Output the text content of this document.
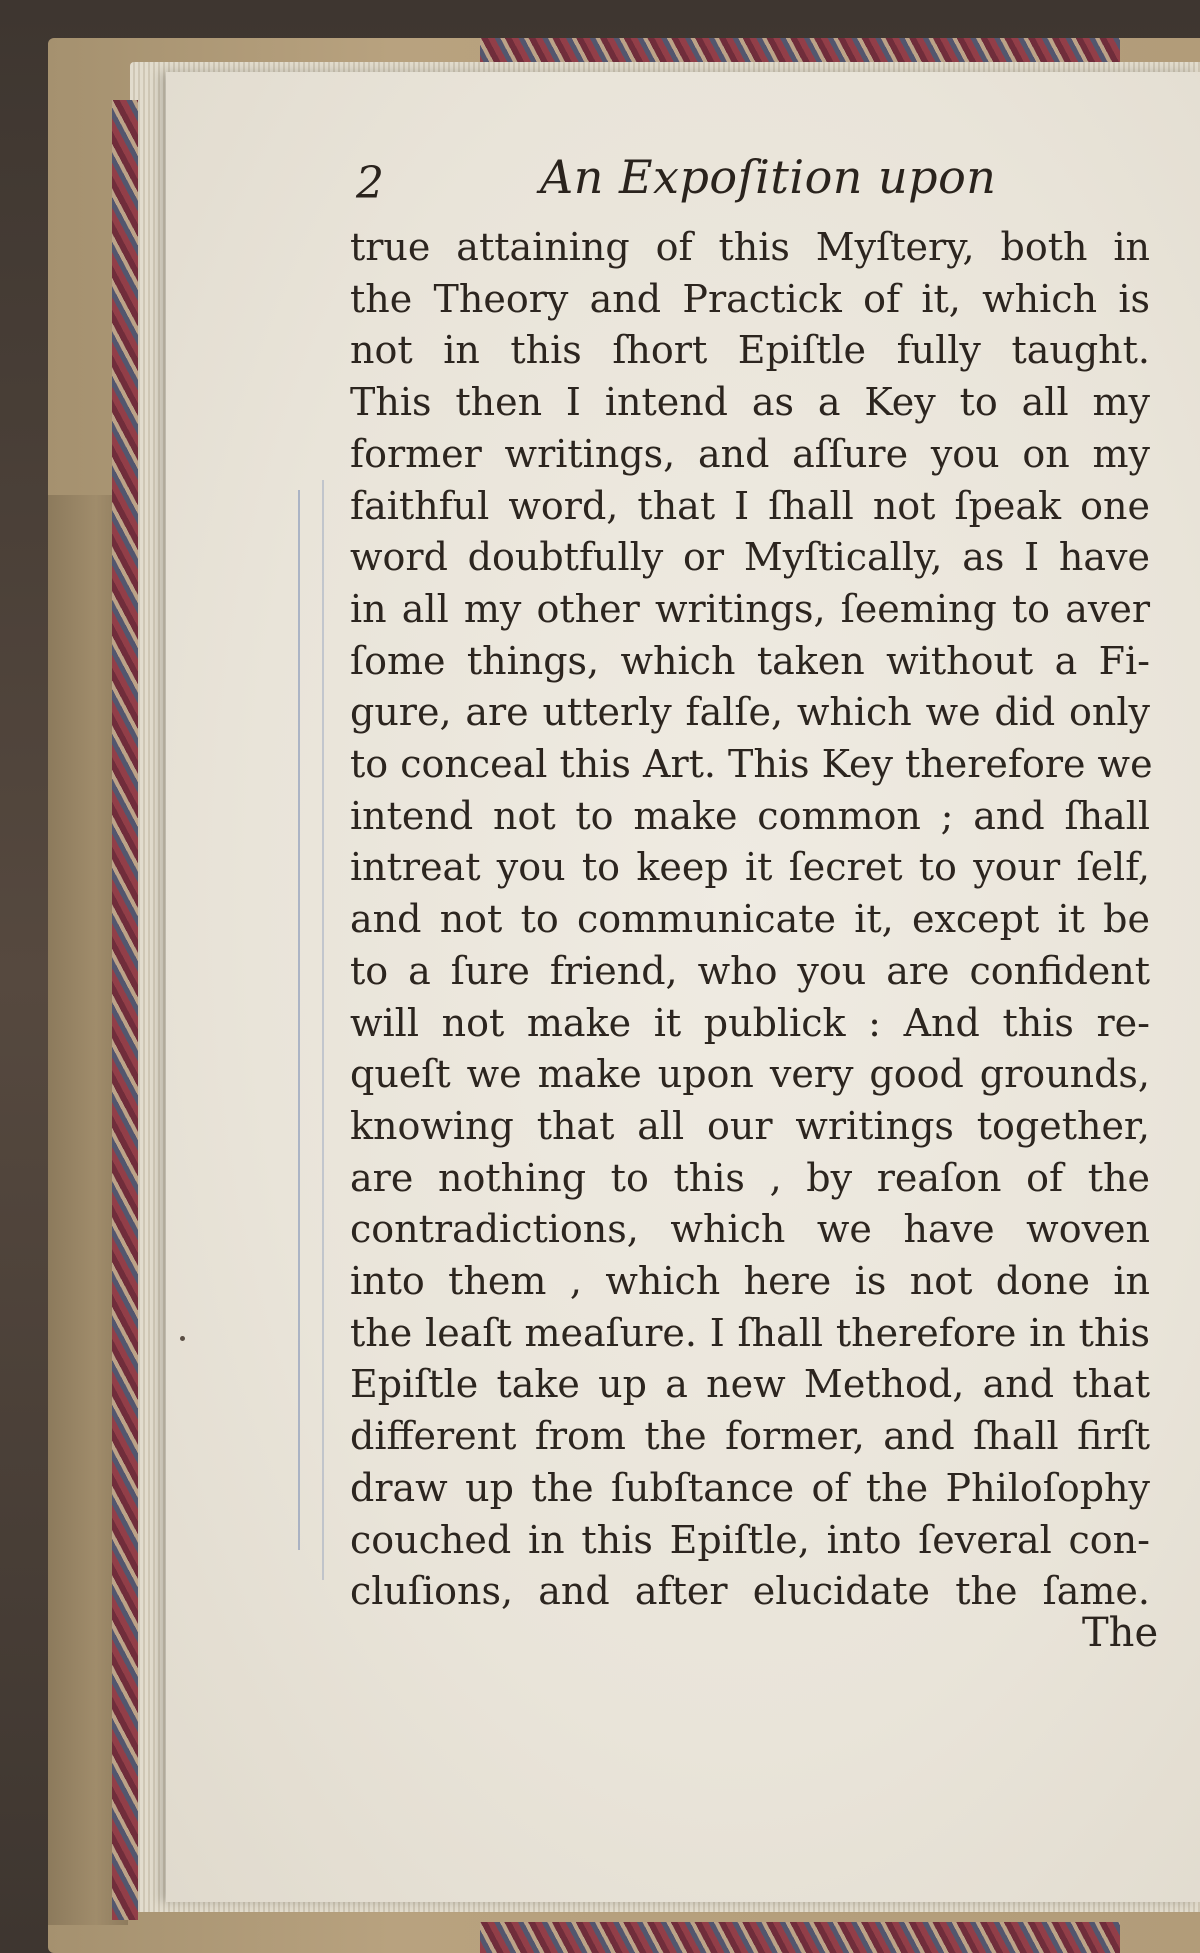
2	An Expoſition upon
true attaining of this Myſtery, both in
the Theory and Practick of it, which is
not in this ſhort Epiſtle fully taught.
This then I intend as a Key to all my
former writings, and aſſure you on my
faithful word, that I ſhall not ſpeak one
word doubtfully or Myſtically, as I have
in all my other writings, ſeeming to aver
ſome things, which taken without a Fi-
gure, are utterly falſe, which we did only
to conceal this Art. This Key therefore we
intend not to make common ; and ſhall
intreat you to keep it ſecret to your ſelf,
and not to communicate it, except it be
to a ſure friend, who you are confident
will not make it publick : And this re-
queſt we make upon very good grounds,
knowing that all our writings together,
are nothing to this , by reaſon of the
contradictions, which we have woven
into them , which here is not done in
the leaſt meaſure. I ſhall therefore in this
Epiſtle take up a new Method, and that
different from the former, and ſhall firſt
draw up the ſubſtance of the Philoſophy
couched in this Epiſtle, into ſeveral con-
cluſions, and after elucidate the ſame.
The
